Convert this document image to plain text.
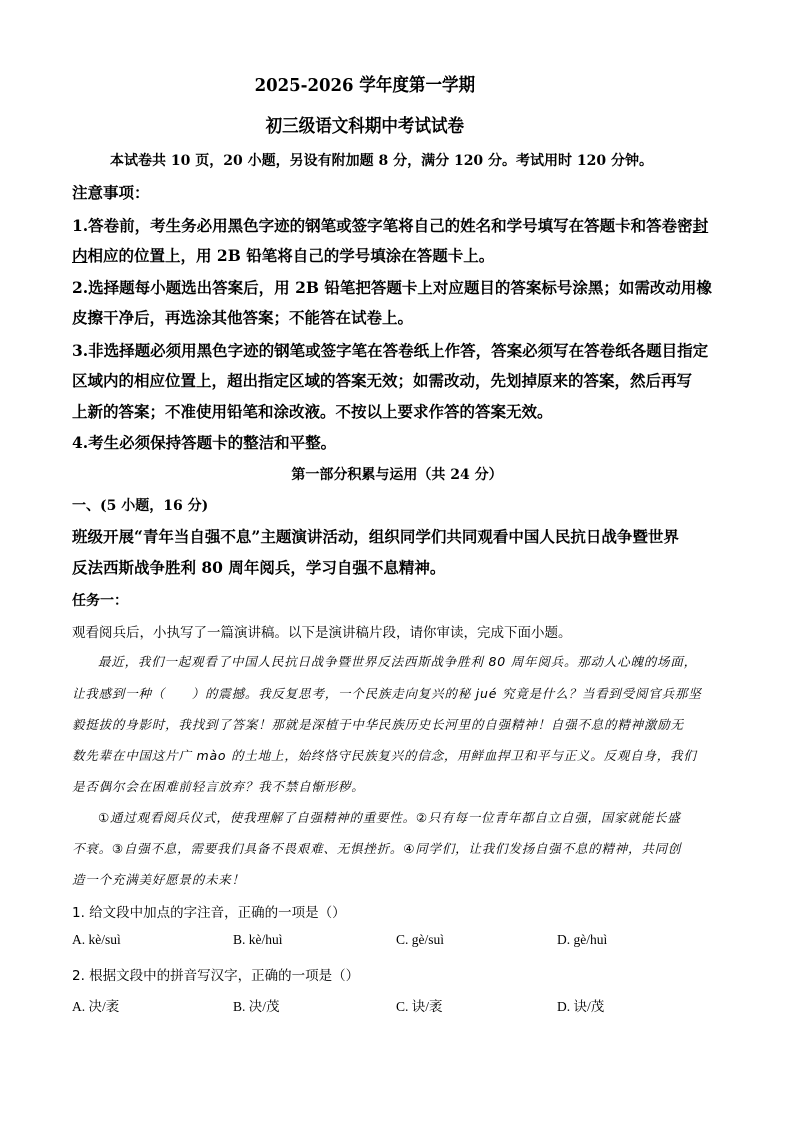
2025-2026 学年度第一学期
初三级语文科期中考试试卷
本试卷共 10 页，20 小题，另设有附加题 8 分，满分 120 分。考试用时 120 分钟。
注意事项：
1.答卷前，考生务必用黑色字迹的钢笔或签字笔将自己的姓名和学号填写在答题卡和答卷密封
内相应的位置上，用 2B 铅笔将自己的学号填涂在答题卡上。
2.选择题每小题选出答案后，用 2B 铅笔把答题卡上对应题目的答案标号涂黑；如需改动用橡
皮擦干净后，再选涂其他答案；不能答在试卷上。
3.非选择题必须用黑色字迹的钢笔或签字笔在答卷纸上作答，答案必须写在答卷纸各题目指定
区域内的相应位置上，超出指定区域的答案无效；如需改动，先划掉原来的答案，然后再写
上新的答案；不准使用铅笔和涂改液。不按以上要求作答的答案无效。
4.考生必须保持答题卡的整洁和平整。
第一部分积累与运用（共 24 分）
一、(5 小题，16 分)
班级开展“青年当自强不息”主题演讲活动，组织同学们共同观看中国人民抗日战争暨世界
反法西斯战争胜利 80 周年阅兵，学习自强不息精神。
任务一：
观看阅兵后，小执写了一篇演讲稿。以下是演讲稿片段，请你审读，完成下面小题。
最近，我们一起观看了中国人民抗日战争暨世界反法西斯战争胜利 80 周年阅兵。那动人心魄的场面，
让我感到一种（　　）的震撼。我反复思考，一个民族走向复兴的秘 jué 究竟是什么？当看到受阅官兵那坚
毅挺拔的身影时，我找到了答案！那就是深植于中华民族历史长河里的自强精神！自强不息的精神激励无
数先辈在中国这片广 mào 的土地上，始终恪守民族复兴的信念，用鲜血捍卫和平与正义。反观自身，我们
是否偶尔会在困难前轻言放弃？我不禁自惭形秽。
①通过观看阅兵仪式，使我理解了自强精神的重要性。②只有每一位青年都自立自强，国家就能长盛
不衰。③自强不息，需要我们具备不畏艰难、无惧挫折。④同学们，让我们发扬自强不息的精神，共同创
造一个充满美好愿景的未来！
1. 给文段中加点的字注音，正确的一项是（）
A. kè/suì	B. kè/huì	C. gè/suì	D. gè/huì
2. 根据文段中的拼音写汉字，正确的一项是（）
A. 决/袤	B. 决/茂	C. 诀/袤	D. 诀/茂
